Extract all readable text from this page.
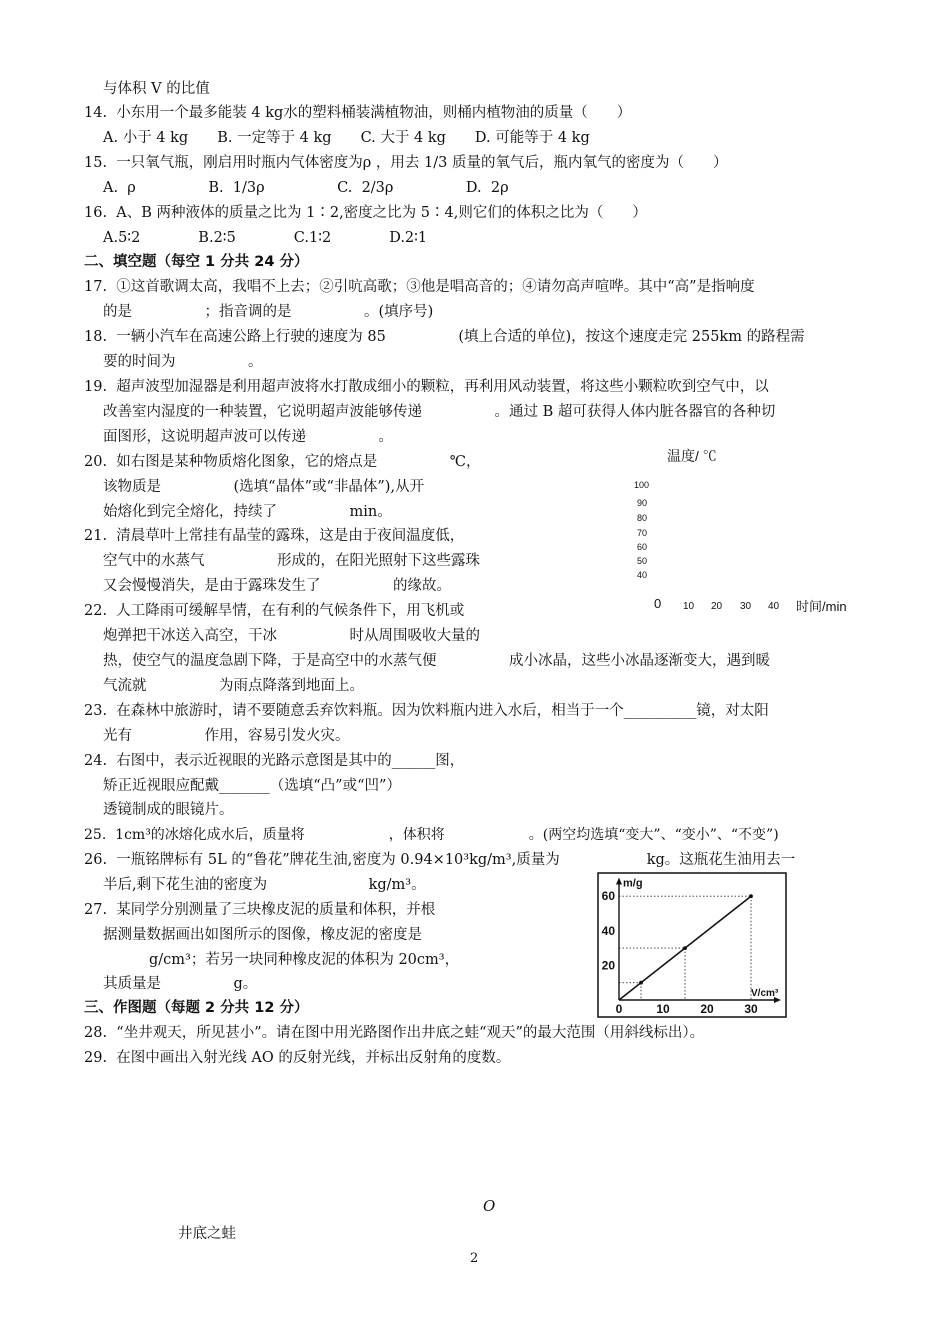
与体积 V 的比值
14.  小东用一个最多能装 4 kg水的塑料桶装满植物油，则桶内植物油的质量（　　）
A. 小于 4 kg　　B. 一定等于 4 kg　　C. 大于 4 kg　　D. 可能等于 4 kg
15.  一只氧气瓶，刚启用时瓶内气体密度为ρ ，用去 1/3 质量的氧气后，瓶内氧气的密度为（　　）
A.  ρ　　　　　B.  1/3ρ　　　　　C.  2/3ρ　　　　　D.  2ρ
16.  A、B 两种液体的质量之比为 1∶2,密度之比为 5∶4,则它们的体积之比为（　　）
A.5∶2　　　　B.2∶5　　　　C.1∶2　　　　D.2∶1
二、填空题（每空 1 分共 24 分）
17.  ①这首歌调太高，我唱不上去；②引吭高歌；③他是唱高音的；④请勿高声喧哗。其中“高”是指响度
的是　　　　　；指音调的是　　　　　。(填序号)
18.  一辆小汽车在高速公路上行驶的速度为 85　　　　　(填上合适的单位)，按这个速度走完 255km 的路程需
要的时间为　　　　　。
19.  超声波型加湿器是利用超声波将水打散成细小的颗粒，再利用风动装置，将这些小颗粒吹到空气中，以
改善室内湿度的一种装置，它说明超声波能够传递　　　　　。通过 B 超可获得人体内脏各器官的各种切
面图形，这说明超声波可以传递　　　　　。
20.  如右图是某种物质熔化图象，它的熔点是　　　　　℃，
该物质是　　　　　(选填“晶体”或“非晶体”),从开
始熔化到完全熔化，持续了　　　　　min。
21.  清晨草叶上常挂有晶莹的露珠，这是由于夜间温度低，
空气中的水蒸气　　　　　形成的，在阳光照射下这些露珠
又会慢慢消失，是由于露珠发生了　　　　　的缘故。
22.  人工降雨可缓解旱情，在有利的气候条件下，用飞机或
炮弹把干冰送入高空，干冰　　　　　时从周围吸收大量的
热，使空气的温度急剧下降，于是高空中的水蒸气便　　　　　成小冰晶，这些小冰晶逐渐变大，遇到暖
气流就　　　　　为雨点降落到地面上。
23.  在森林中旅游时，请不要随意丢弃饮料瓶。因为饮料瓶内进入水后，相当于一个__________镜，对太阳
光有　　　　　作用，容易引发火灾。
24.  右图中，表示近视眼的光路示意图是其中的______图，
矫正近视眼应配戴_______（选填“凸”或“凹”）
透镜制成的眼镜片。
25.  1cm³的冰熔化成水后，质量将　　　　　　，体积将　　　　　　。(两空均选填“变大”、“变小”、“不变”)
26.  一瓶铭牌标有 5L 的“鲁花”牌花生油,密度为 0.94×10³kg/m³,质量为　　　　　　kg。这瓶花生油用去一
半后,剩下花生油的密度为　　　　　　　kg/m³。
27.  某同学分别测量了三块橡皮泥的质量和体积，并根
据测量数据画出如图所示的图像，橡皮泥的密度是
g/cm³；若另一块同种橡皮泥的体积为 20cm³，
其质量是　　　　　g。
三、作图题（每题 2 分共 12 分）
28.  “坐井观天，所见甚小”。请在图中用光路图作出井底之蛙“观天”的最大范围（用斜线标出）。
29.  在图中画出入射光线 AO 的反射光线，并标出反射角的度数。
温度/ ℃
100
90
80
70
60
50
40
0 10 20 30 40 时间/min
m/g
V/cm³
0	10	20	30
20
40
60
O
井底之蛙
2
